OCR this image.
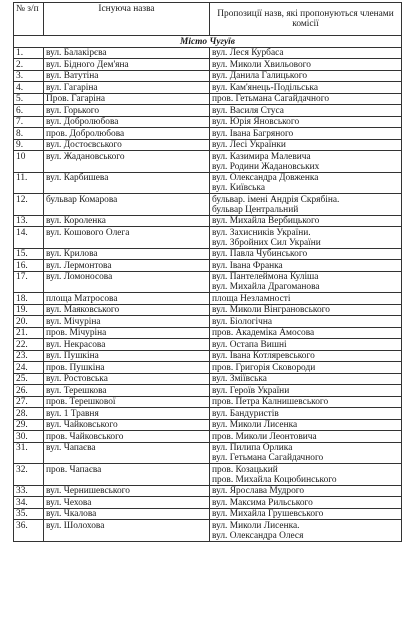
№ з/п	Існуюча назва	Пропозиції назв, які пропонуються членами комісії
Місто Чугуїв		
1.	вул. Балакірєва	вул. Леся Курбаса

2.	вул. Бідного Дем'яна	вул. Миколи Хвильового

3.	вул. Ватутіна	вул. Данила Галицького

4.	вул. Гагаріна	вул. Кам'янець-Подільська

5.	Пров. Гагаріна	пров. Гетьмана Сагайдачного

6.	вул. Горького	вул. Василя Стуса

7.	вул. Добролюбова	вул. Юрія Яновського

8.	пров. Добролюбова	вул. Івана Багряного

9.	вул. Достоєвського	вул. Лесі Українки

10	вул. Жадановського	вул. Казимира Малевича
вул. Родини Жадановських

11.	вул. Карбишева	вул. Олександра Довженка
вул. Київська

12.	бульвар Комарова	бульвар. імені Андрія Скрябіна.
бульвар Центральний

13.	вул. Короленка	вул. Михайла Вербицького

14.	вул. Кошового Олега	вул. Захисників України.
вул. Збройних Сил України

15.	вул. Крилова	вул. Павла Чубинського

16.	вул. Лермонтова	вул. Івана Франка

17.	вул. Ломоносова	вул. Пантелеймона Куліша
вул. Михайла Драгоманова

18.	площа Матросова	площа Незламності

19.	вул. Маяковського	вул. Миколи Вінграновського

20.	вул. Мічуріна	вул. Біологічна

21.	пров. Мічуріна	пров. Академіка Амосова

22.	вул. Некрасова	вул. Остапа Вишні

23.	вул. Пушкіна	вул. Івана Котляревського

24.	пров. Пушкіна	пров. Григорія Сковороди

25.	вул. Ростовська	вул. Зміївська

26.	вул. Терешкова	вул. Героїв України

27.	пров. Терешкової	пров. Петра Калнишевського

28.	вул. 1 Травня	вул. Бандуристів

29.	вул. Чайковського	вул. Миколи Лисенка

30.	пров. Чайковського	пров. Миколи Леонтовича

31.	вул. Чапаєва	вул. Пилипа Орлика
вул. Гетьмана Сагайдачного

32.	пров. Чапаєва	пров. Козацький
пров. Михайла Коцюбинського

33.	вул. Чернишевського	вул. Ярослава Мудрого

34.	вул. Чехова	вул. Максима Рильського

35.	вул. Чкалова	вул. Михайла Грушевського

36.	вул. Шолохова	вул. Миколи Лисенка.
вул. Олександра Олеся
